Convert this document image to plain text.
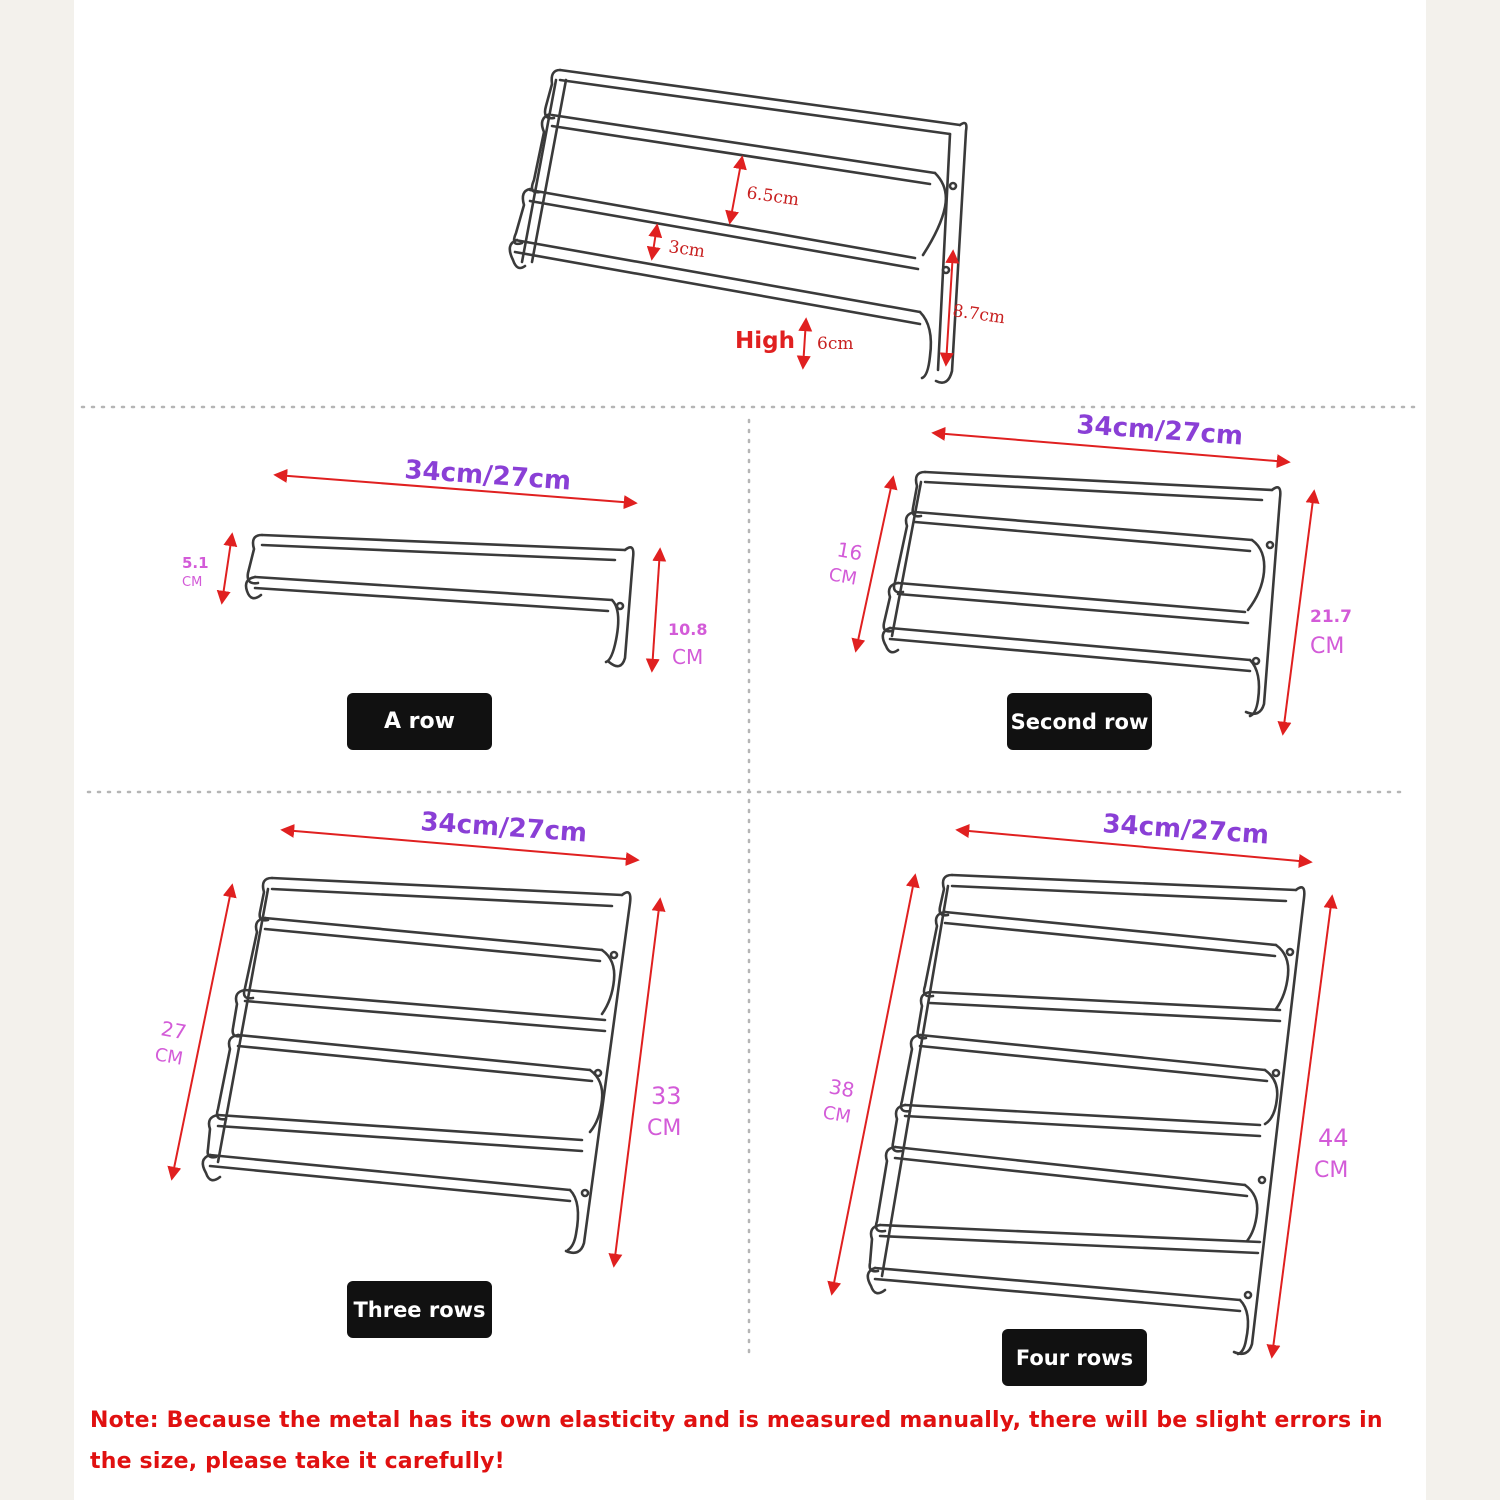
6.5cm
3cm
8.7cm
High 6cm
34cm/27cm
5.1
CM
10.8
CM
34cm/27cm
16
CM
21.7
CM
34cm/27cm
27
CM
33
CM
34cm/27cm
38
CM
44
CM
A row	Second row
Three rows
Four rows
Note: Because the metal has its own elasticity and is measured manually, there will be slight errors in the size, please take it carefully!
